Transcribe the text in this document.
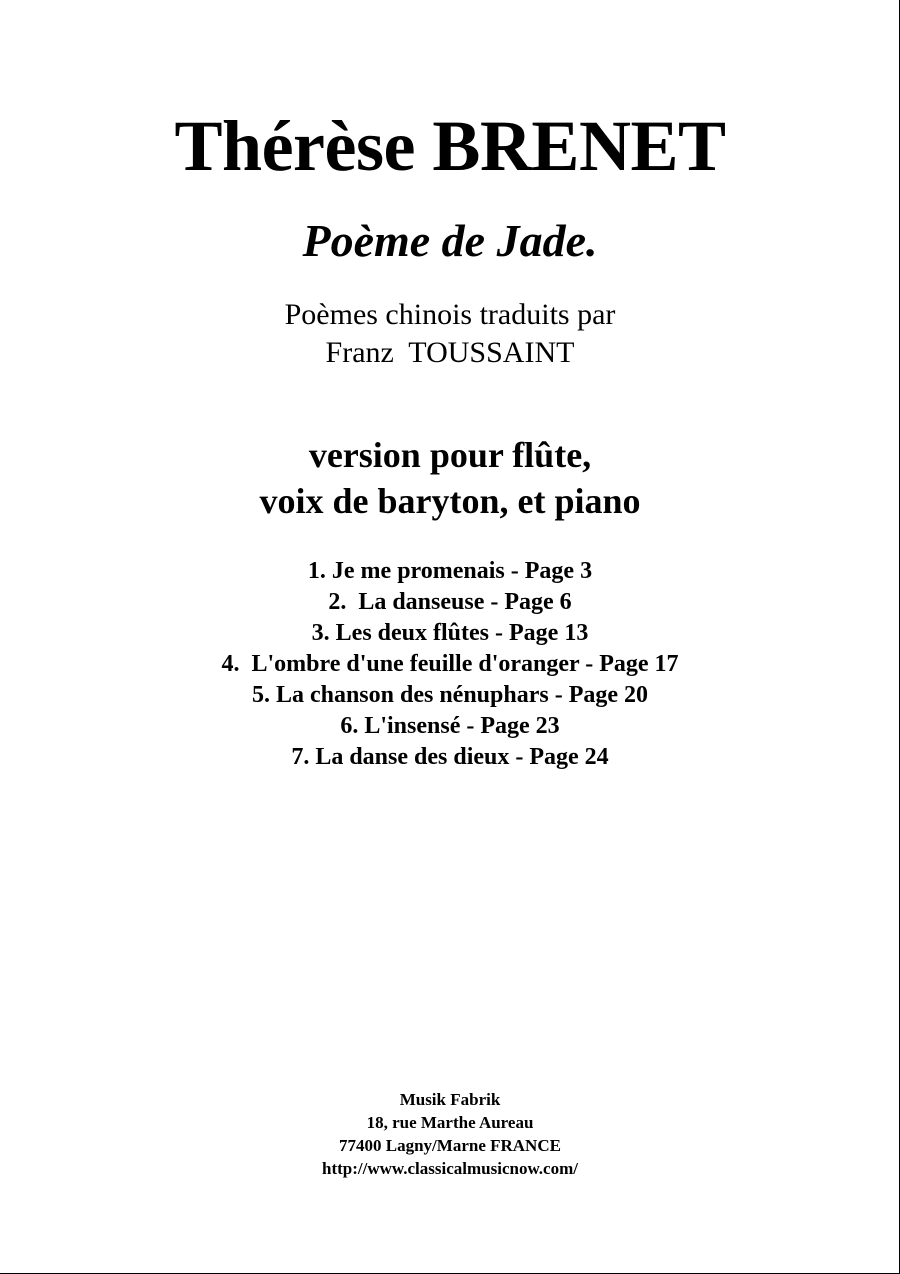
Thérèse BRENET
Poème de Jade.
Poèmes chinois traduits par
Franz  TOUSSAINT
version pour flûte,
voix de baryton, et piano
1. Je me promenais - Page 3
2.  La danseuse - Page 6
3. Les deux flûtes - Page 13
4.  L'ombre d'une feuille d'oranger - Page 17
5. La chanson des nénuphars - Page 20
6. L'insensé - Page 23
7. La danse des dieux - Page 24
Musik Fabrik
18, rue Marthe Aureau
77400 Lagny/Marne FRANCE
http://www.classicalmusicnow.com/
